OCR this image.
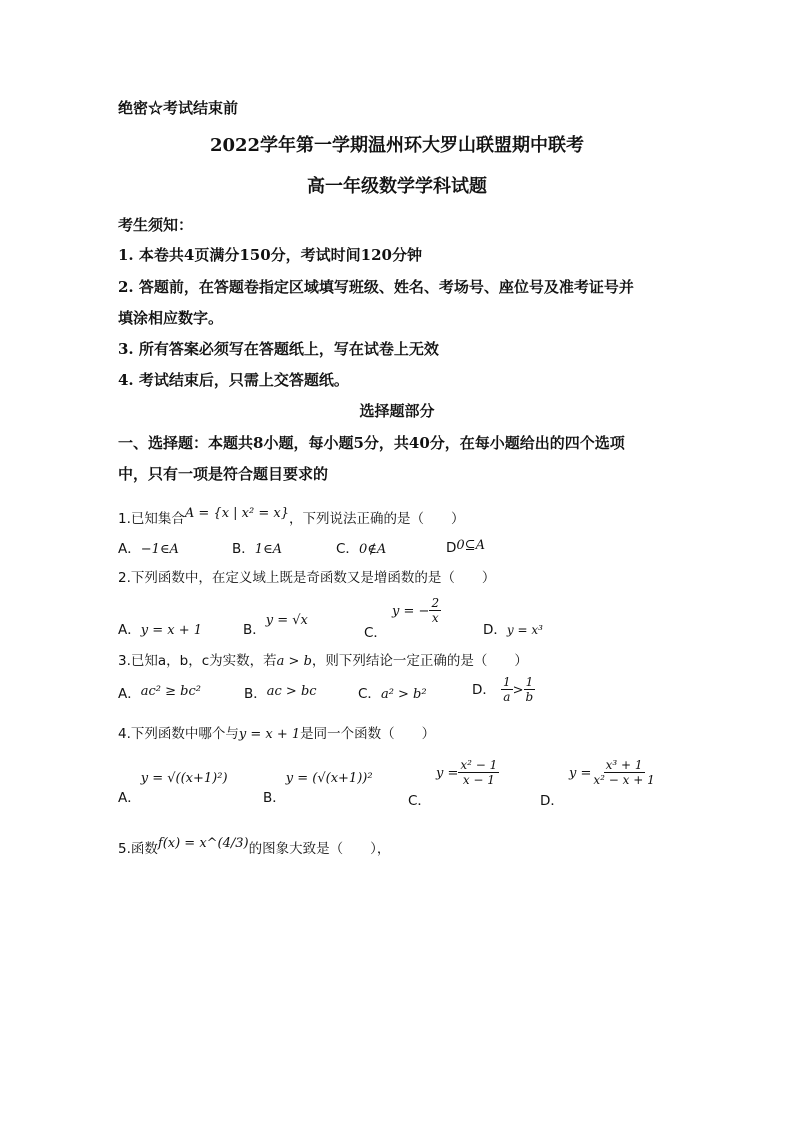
绝密☆考试结束前
2022学年第一学期温州环大罗山联盟期中联考
高一年级数学学科试题
考生须知：
1. 本卷共4页满分150分，考试时间120分钟
2. 答题前，在答题卷指定区域填写班级、姓名、考场号、座位号及准考证号并
填涂相应数字。
3. 所有答案必须写在答题纸上，写在试卷上无效
4. 考试结束后，只需上交答题纸。
选择题部分
一、选择题：本题共8小题，每小题5分，共40分，在每小题给出的四个选项
中，只有一项是符合题目要求的
1.已知集合A = {x | x² = x}，下列说法正确的是（　　）
A．−1∈A	B．1∈A	C．0∉A	D0⊆A
2.下列函数中，在定义域上既是奇函数又是增函数的是（　　）
A．y = x + 1	$_{B.}^{y = √x}$
$_{C.}$ y = − $\frac{2}{x}$
D．y = x³
3.已知a，b，c为实数，若a > b，则下列结论一定正确的是（　　）
A．ac² ≥ bc²	B．ac > bc	C．a² > b²	D． $\frac{1}{a} > \frac{1}{b}$
4.下列函数中哪个与y = x + 1是同一个函数（　　）
$_{A.}$y = √((x+1)²)
$_{B.}$y = (√(x+1))²
$_{C.}$ $y = \frac{\text{x² − 1}}{x - 1}$
$_{D.}$ $y = \frac{\text{x³ + 1}}{\text{x² − x + 1}}$
5.函数f(x) = x^(4/3)的图象大致是（　　），
